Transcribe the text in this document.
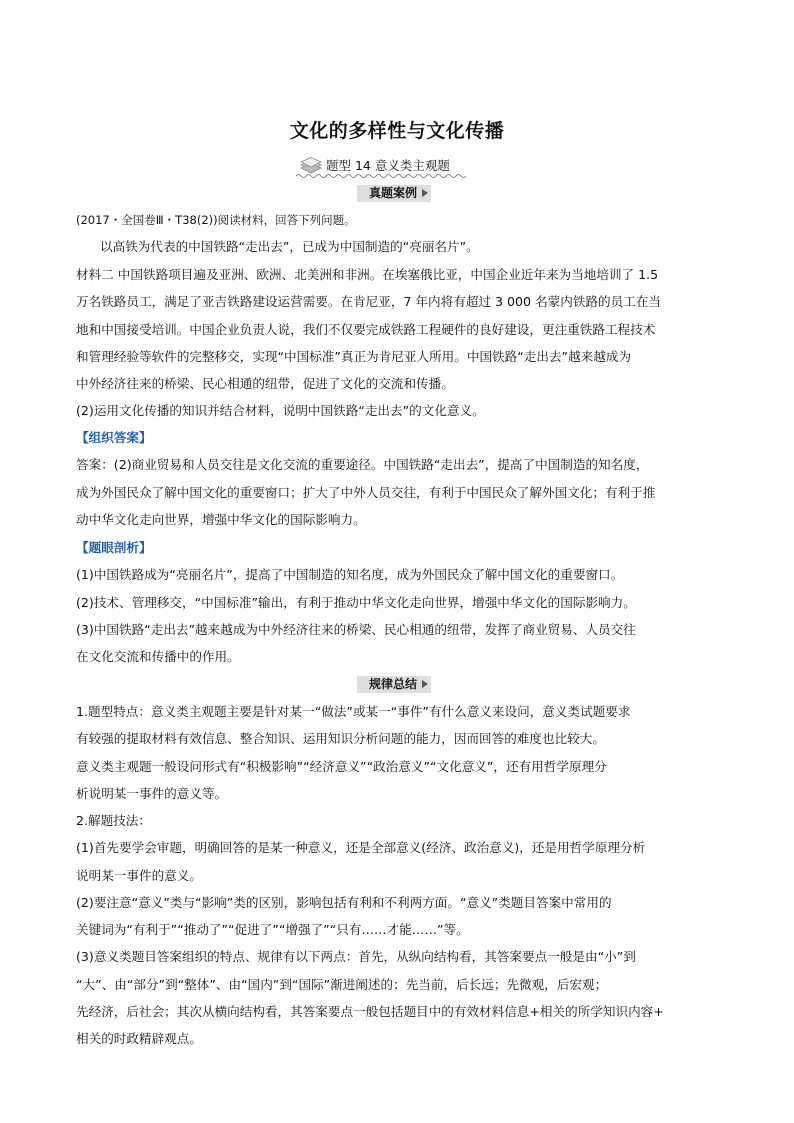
文化的多样性与文化传播
题型 14 意义类主观题
真题案例
(2017・全国卷Ⅲ・T38(2))阅读材料，回答下列问题。
以高铁为代表的中国铁路“走出去”，已成为中国制造的“亮丽名片”。
材料二 中国铁路项目遍及亚洲、欧洲、北美洲和非洲。在埃塞俄比亚，中国企业近年来为当地培训了 1.5
万名铁路员工，满足了亚吉铁路建设运营需要。在肯尼亚，7 年内将有超过 3 000 名蒙内铁路的员工在当
地和中国接受培训。中国企业负责人说，我们不仅要完成铁路工程硬件的良好建设，更注重铁路工程技术
和管理经验等软件的完整移交，实现“中国标准”真正为肯尼亚人所用。中国铁路“走出去”越来越成为
中外经济往来的桥梁、民心相通的纽带，促进了文化的交流和传播。
(2)运用文化传播的知识并结合材料，说明中国铁路“走出去”的文化意义。
【组织答案】
答案：(2)商业贸易和人员交往是文化交流的重要途径。中国铁路“走出去”，提高了中国制造的知名度，
成为外国民众了解中国文化的重要窗口；扩大了中外人员交往，有利于中国民众了解外国文化；有利于推
动中华文化走向世界，增强中华文化的国际影响力。
【题眼剖析】
(1)中国铁路成为“亮丽名片”，提高了中国制造的知名度，成为外国民众了解中国文化的重要窗口。
(2)技术、管理移交，“中国标准”输出，有利于推动中华文化走向世界，增强中华文化的国际影响力。
(3)中国铁路“走出去”越来越成为中外经济往来的桥梁、民心相通的纽带，发挥了商业贸易、人员交往
在文化交流和传播中的作用。
规律总结
1.题型特点：意义类主观题主要是针对某一“做法”或某一“事件”有什么意义来设问，意义类试题要求
有较强的提取材料有效信息、整合知识、运用知识分析问题的能力，因而回答的难度也比较大。
意义类主观题一般设问形式有“积极影响”“经济意义”“政治意义”“文化意义”，还有用哲学原理分
析说明某一事件的意义等。
2.解题技法：
(1)首先要学会审题，明确回答的是某一种意义，还是全部意义(经济、政治意义)，还是用哲学原理分析
说明某一事件的意义。
(2)要注意“意义”类与“影响”类的区别，影响包括有利和不利两方面。“意义”类题目答案中常用的
关键词为“有利于”“推动了”“促进了”“增强了”“只有……才能……”等。
(3)意义类题目答案组织的特点、规律有以下两点：首先，从纵向结构看，其答案要点一般是由“小”到
“大”、由“部分”到“整体”、由“国内”到“国际”渐进阐述的；先当前，后长远；先微观，后宏观；
先经济，后社会；其次从横向结构看，其答案要点一般包括题目中的有效材料信息+相关的所学知识内容+
相关的时政精辟观点。
